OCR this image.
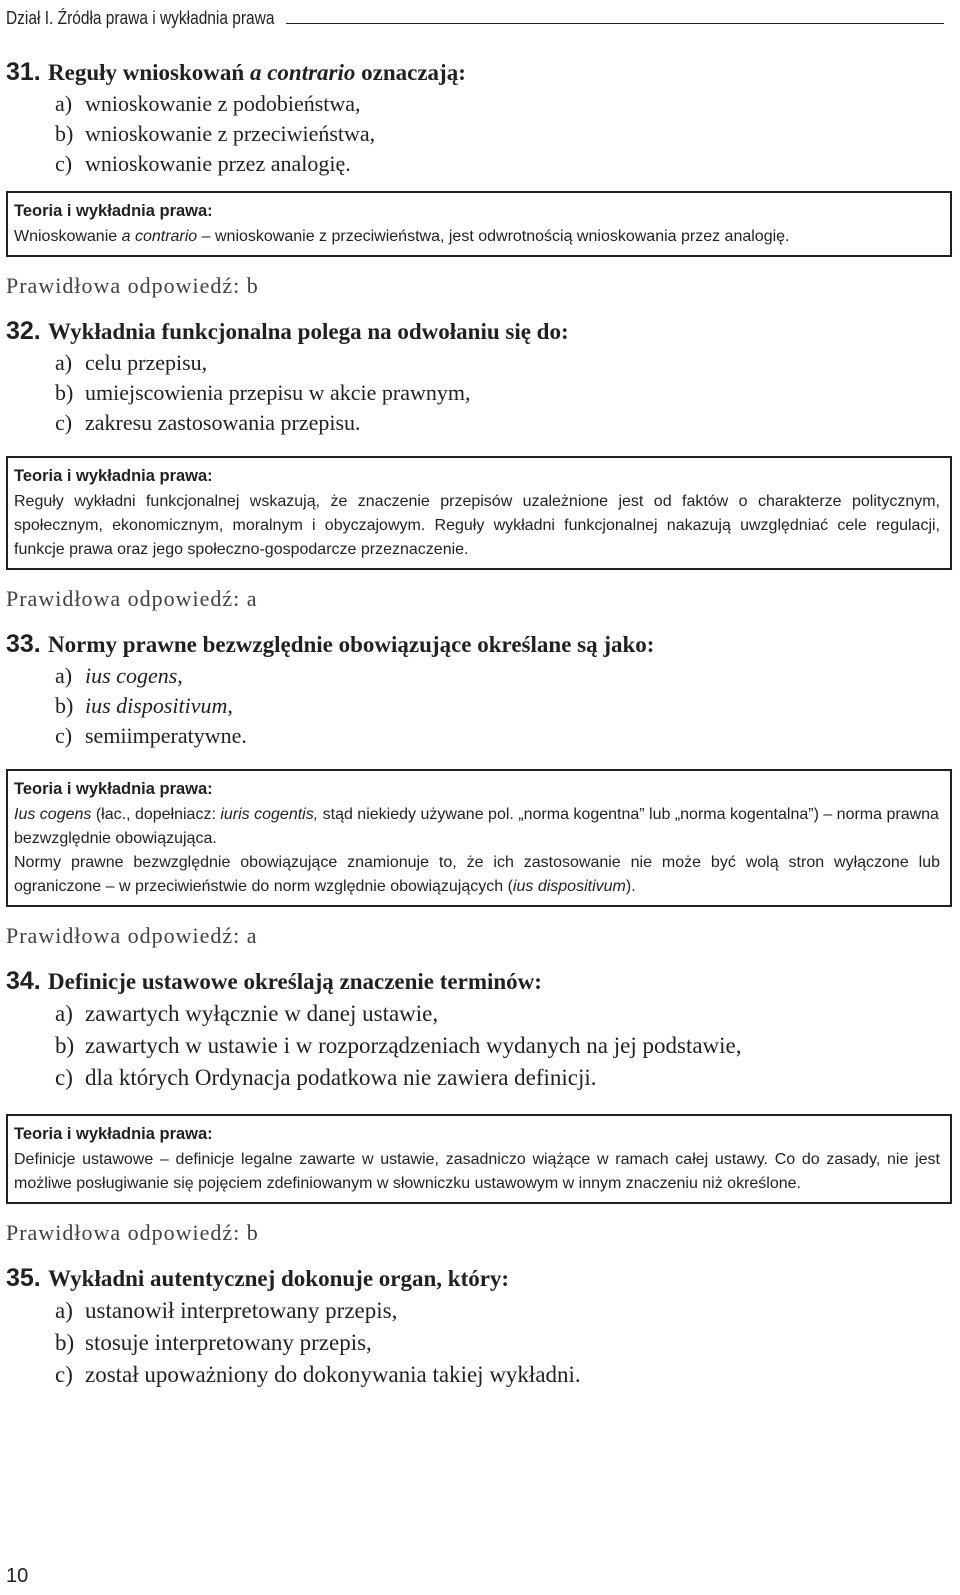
Dział I. Źródła prawa i wykładnia prawa
31. Reguły wnioskowań a contrario oznaczają:
a) wnioskowanie z podobieństwa,
b) wnioskowanie z przeciwieństwa,
c) wnioskowanie przez analogię.
Teoria i wykładnia prawa:

Wnioskowanie a contrario – wnioskowanie z przeciwieństwa, jest odwrotnością wnioskowania przez analogię.

Prawidłowa odpowiedź: b
32. Wykładnia funkcjonalna polega na odwołaniu się do:
a) celu przepisu,
b) umiejscowienia przepisu w akcie prawnym,
c) zakresu zastosowania przepisu.
Teoria i wykładnia prawa:

Reguły wykładni funkcjonalnej wskazują, że znaczenie przepisów uzależnione jest od faktów o charakterze politycznym, społecznym, ekonomicznym, moralnym i obyczajowym. Reguły wykładni funkcjonalnej nakazują uwzględniać cele regulacji, funkcje prawa oraz jego społeczno-gospodarcze przeznaczenie.

Prawidłowa odpowiedź: a
33. Normy prawne bezwzględnie obowiązujące określane są jako:
a) ius cogens,
b) ius dispositivum,
c) semiimperatywne.
Teoria i wykładnia prawa:

Ius cogens (łac., dopełniacz: iuris cogentis, stąd niekiedy używane pol. „norma kogentna” lub „norma kogentalna”) – norma prawna bezwzględnie obowiązująca.

Normy prawne bezwzględnie obowiązujące znamionuje to, że ich zastosowanie nie może być wolą stron wyłączone lub ograniczone – w przeciwieństwie do norm względnie obowiązujących (ius dispositivum).

Prawidłowa odpowiedź: a
34. Definicje ustawowe określają znaczenie terminów:
a) zawartych wyłącznie w danej ustawie,
b) zawartych w ustawie i w rozporządzeniach wydanych na jej podstawie,
c) dla których Ordynacja podatkowa nie zawiera definicji.
Teoria i wykładnia prawa:

Definicje ustawowe – definicje legalne zawarte w ustawie, zasadniczo wiążące w ramach całej ustawy. Co do zasady, nie jest możliwe posługiwanie się pojęciem zdefiniowanym w słowniczku ustawowym w innym znaczeniu niż określone.

Prawidłowa odpowiedź: b
35. Wykładni autentycznej dokonuje organ, który:
a) ustanowił interpretowany przepis,
b) stosuje interpretowany przepis,
c) został upoważniony do dokonywania takiej wykładni.
10
